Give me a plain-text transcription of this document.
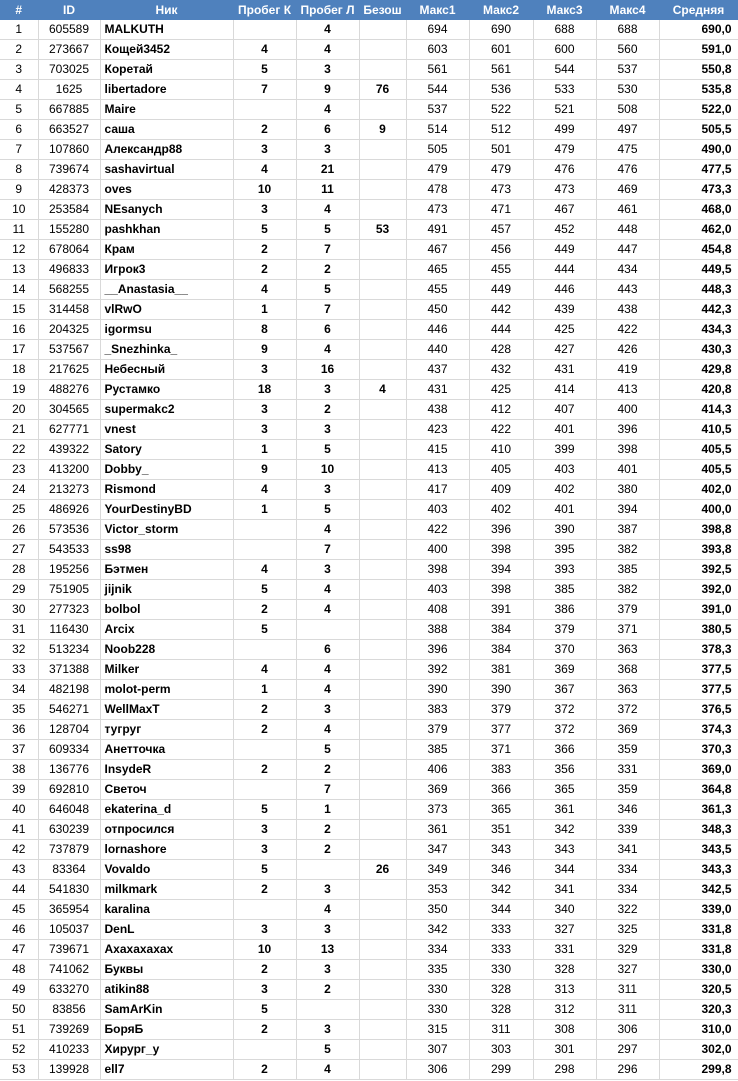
#	ID	Ник	Пробег К	Пробег Л	Безош	Макс1	Макс2	Макс3	Макс4	Средняя
1	605589	MALKUTH		4		694	690	688	688	690,0
2	273667	Кощей3452	4	4		603	601	600	560	591,0
3	703025	Коретай	5	3		561	561	544	537	550,8
4	1625	libertadore	7	9	76	544	536	533	530	535,8
5	667885	Maire		4		537	522	521	508	522,0
6	663527	саша	2	6	9	514	512	499	497	505,5
7	107860	Александр88	3	3		505	501	479	475	490,0
8	739674	sashavirtual	4	21		479	479	476	476	477,5
9	428373	oves	10	11		478	473	473	469	473,3
10	253584	NEsanych	3	4		473	471	467	461	468,0
11	155280	pashkhan	5	5	53	491	457	452	448	462,0
12	678064	Крам	2	7		467	456	449	447	454,8
13	496833	Игрок3	2	2		465	455	444	434	449,5
14	568255	__Anastasia__	4	5		455	449	446	443	448,3
15	314458	vlRwO	1	7		450	442	439	438	442,3
16	204325	igormsu	8	6		446	444	425	422	434,3
17	537567	_Snezhinka_	9	4		440	428	427	426	430,3
18	217625	Небесный	3	16		437	432	431	419	429,8
19	488276	Рустамко	18	3	4	431	425	414	413	420,8
20	304565	supermakc2	3	2		438	412	407	400	414,3
21	627771	vnest	3	3		423	422	401	396	410,5
22	439322	Satory	1	5		415	410	399	398	405,5
23	413200	Dobby_	9	10		413	405	403	401	405,5
24	213273	Rismond	4	3		417	409	402	380	402,0
25	486926	YourDestinyBD	1	5		403	402	401	394	400,0
26	573536	Victor_storm		4		422	396	390	387	398,8
27	543533	ss98		7		400	398	395	382	393,8
28	195256	Бэтмен	4	3		398	394	393	385	392,5
29	751905	jijnik	5	4		403	398	385	382	392,0
30	277323	bolbol	2	4		408	391	386	379	391,0
31	116430	Arcix	5			388	384	379	371	380,5
32	513234	Noob228		6		396	384	370	363	378,3
33	371388	Milker	4	4		392	381	369	368	377,5
34	482198	molot-perm	1	4		390	390	367	363	377,5
35	546271	WellMaxT	2	3		383	379	372	372	376,5
36	128704	тугруг	2	4		379	377	372	369	374,3
37	609334	Анетточка		5		385	371	366	359	370,3
38	136776	InsydeR	2	2		406	383	356	331	369,0
39	692810	Светоч		7		369	366	365	359	364,8
40	646048	ekaterina_d	5	1		373	365	361	346	361,3
41	630239	отпросился	3	2		361	351	342	339	348,3
42	737879	lornashore	3	2		347	343	343	341	343,5
43	83364	Vovaldo	5		26	349	346	344	334	343,3
44	541830	milkmark	2	3		353	342	341	334	342,5
45	365954	karalina		4		350	344	340	322	339,0
46	105037	DenL	3	3		342	333	327	325	331,8
47	739671	Ахахахахах	10	13		334	333	331	329	331,8
48	741062	Буквы	2	3		335	330	328	327	330,0
49	633270	atikin88	3	2		330	328	313	311	320,5
50	83856	SamArKin	5			330	328	312	311	320,3
51	739269	БоряБ	2	3		315	311	308	306	310,0
52	410233	Хирург_у		5		307	303	301	297	302,0
53	139928	ell7	2	4		306	299	298	296	299,8
